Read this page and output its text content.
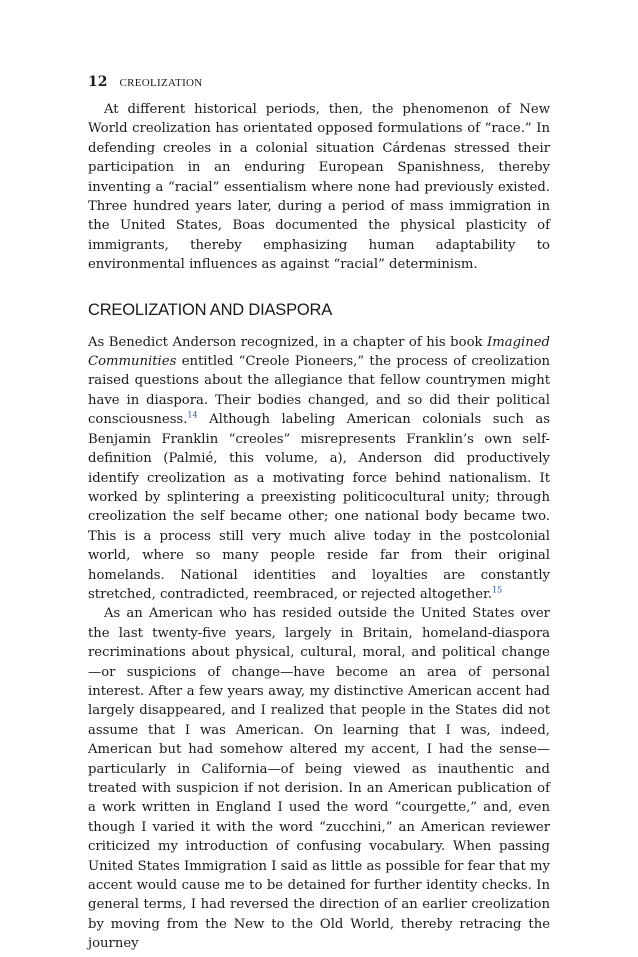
12 CREOLIZATION

At different historical periods, then, the phenomenon of New World creolization has orientated opposed formulations of “race.” In defending creoles in a colonial situation Cárdenas stressed their participation in an enduring European Spanishness, thereby inventing a “racial” essentialism where none had previously existed. Three hundred years later, during a period of mass immigration in the United States, Boas documented the physical plasticity of immigrants, thereby emphasizing human adaptability to environmental influences as against “racial” determinism.

CREOLIZATION AND DIASPORA

As Benedict Anderson recognized, in a chapter of his book Imagined Communities entitled “Creole Pioneers,” the process of creolization raised questions about the allegiance that fellow countrymen might have in diaspora. Their bodies changed, and so did their political consciousness.$^{14}$ Although labeling American colonials such as Benjamin Franklin “creoles” misrepresents Franklin’s own self-definition (Palmié, this volume, a), Anderson did productively identify creolization as a motivating force behind nationalism. It worked by splintering a preexisting politicocultural unity; through creolization the self became other; one national body became two. This is a process still very much alive today in the postcolonial world, where so many people reside far from their original homelands. National identities and loyalties are constantly stretched, contradicted, reembraced, or rejected altogether.$^{15}$

As an American who has resided outside the United States over the last twenty-five years, largely in Britain, homeland-diaspora recriminations about physical, cultural, moral, and political change—or suspicions of change—have become an area of personal interest. After a few years away, my distinctive American accent had largely disappeared, and I realized that people in the States did not assume that I was American. On learning that I was, indeed, American but had somehow altered my accent, I had the sense—particularly in California—of being viewed as inauthentic and treated with suspicion if not derision. In an American publication of a work written in England I used the word “courgette,” and, even though I varied it with the word “zucchini,” an American reviewer criticized my introduction of confusing vocabulary. When passing United States Immigration I said as little as possible for fear that my accent would cause me to be detained for further identity checks. In general terms, I had reversed the direction of an earlier creolization by moving from the New to the Old World, thereby retracing the journey
